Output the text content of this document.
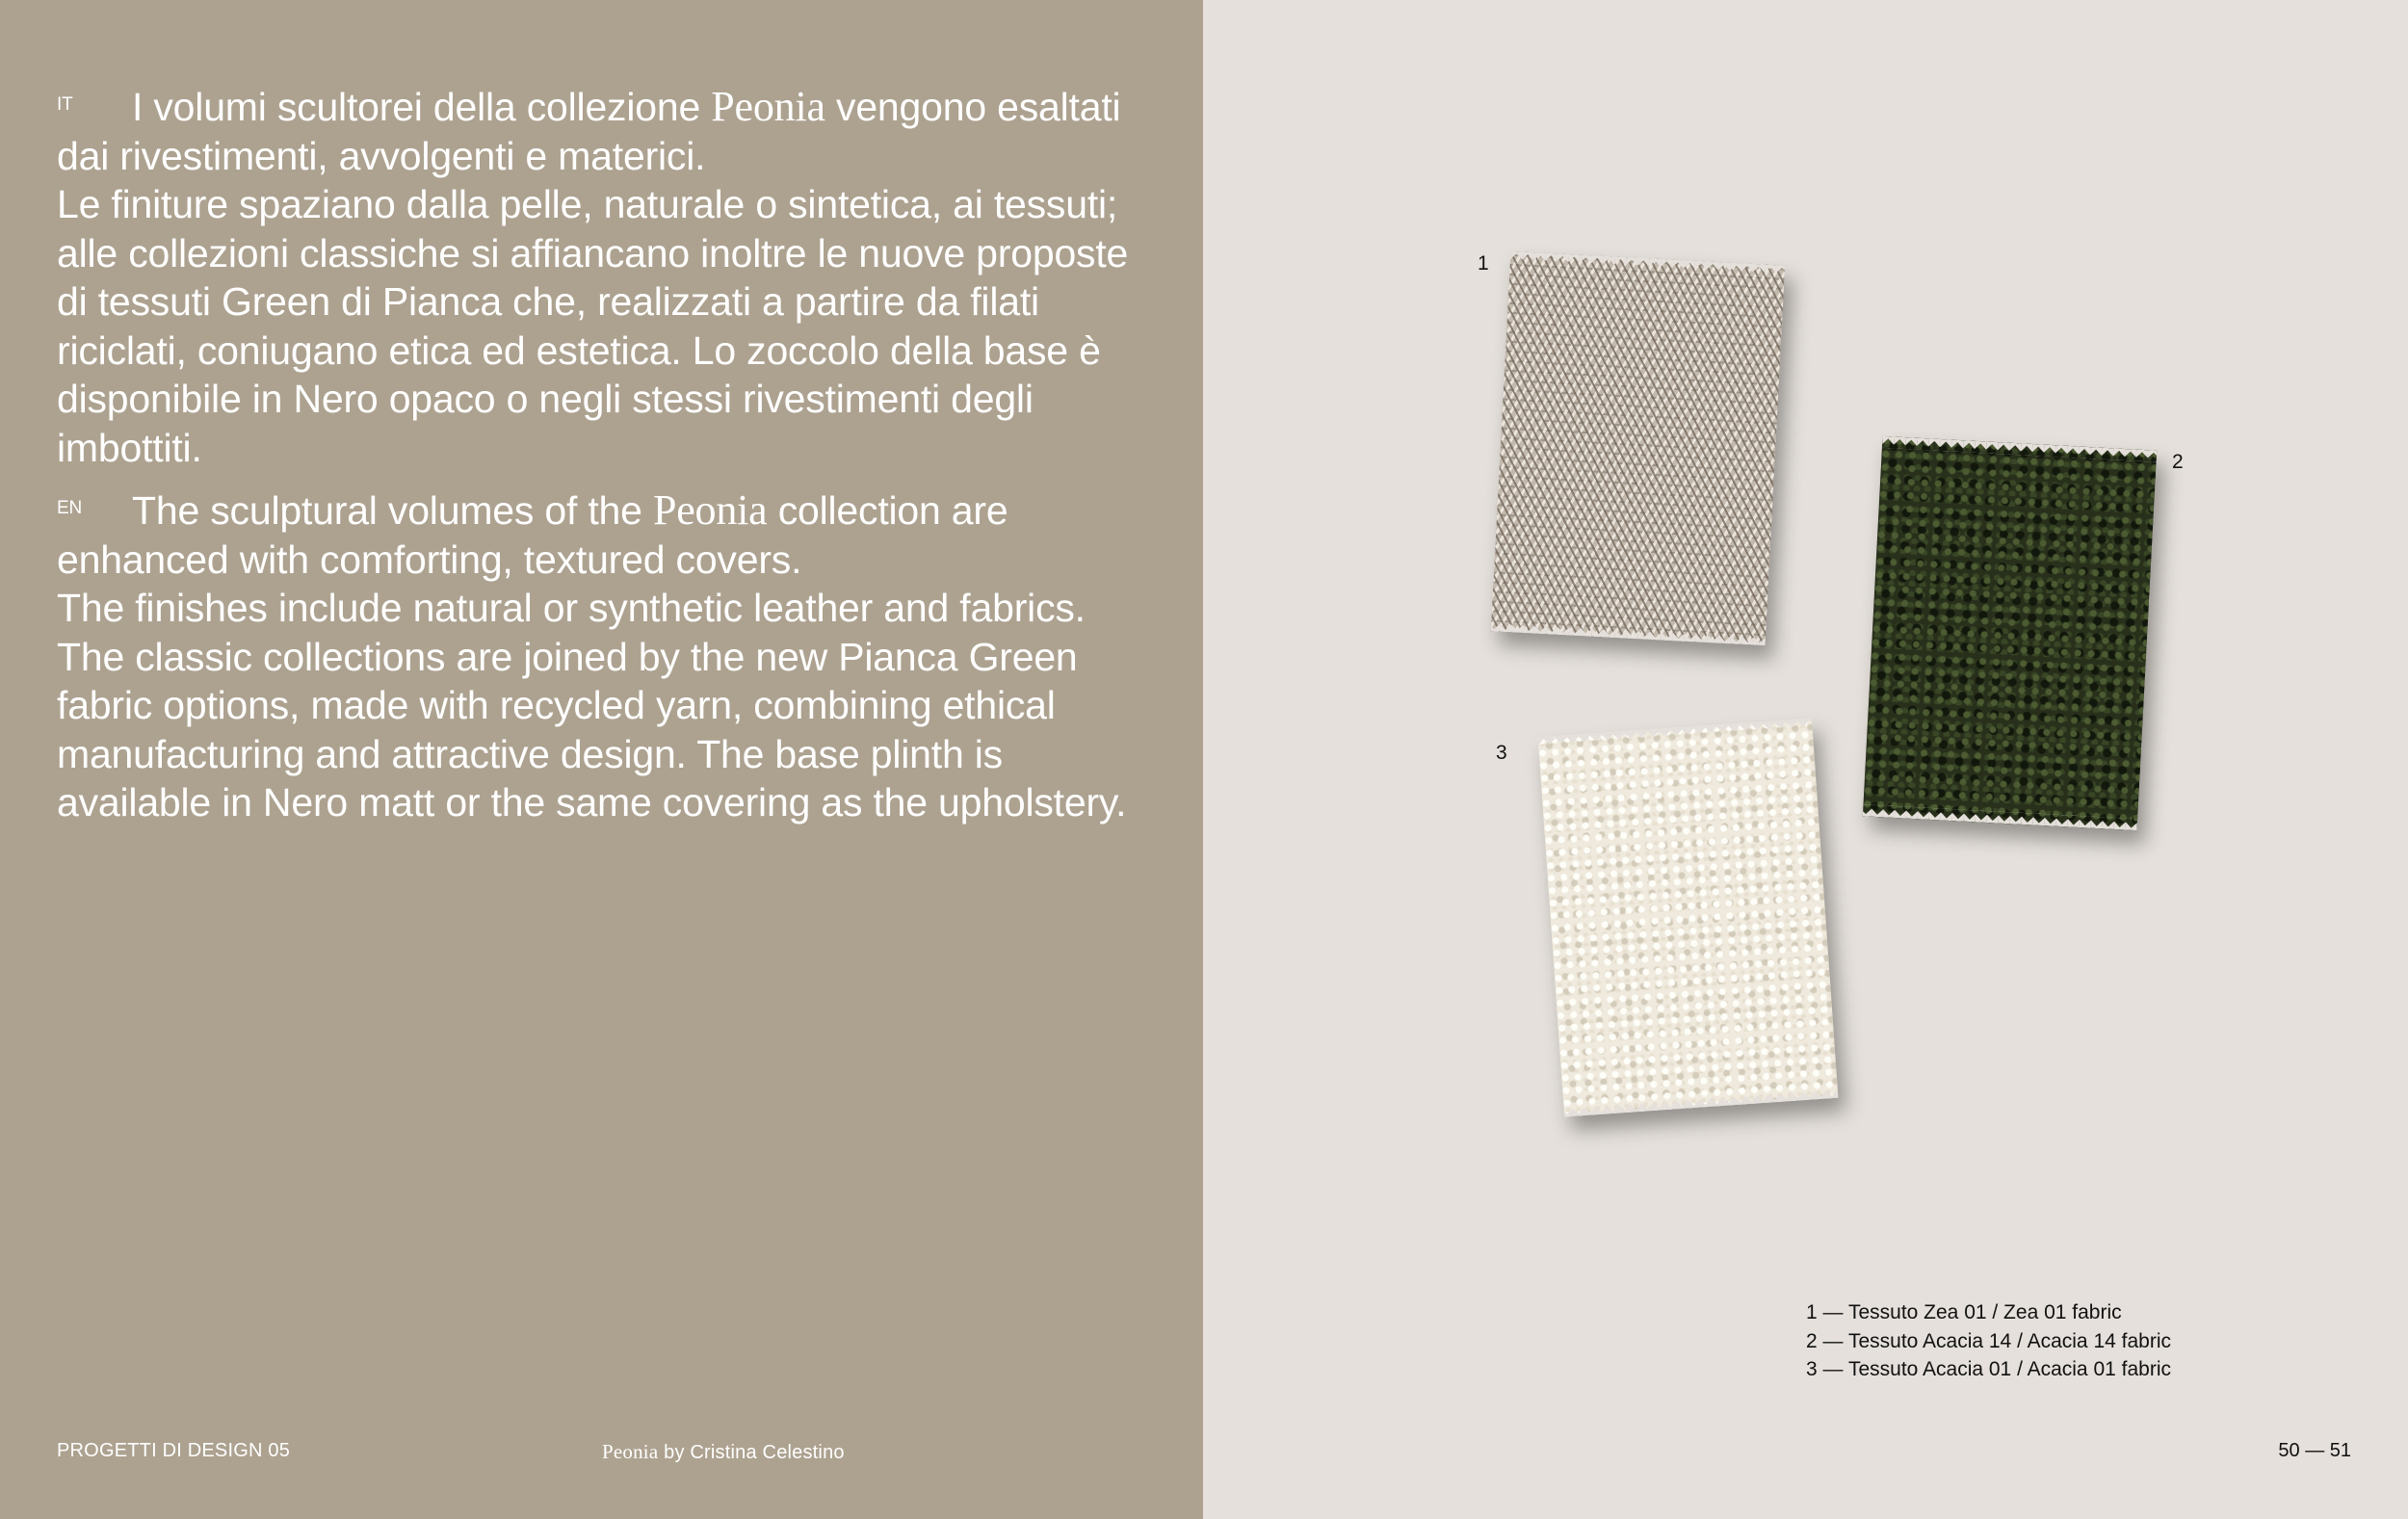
IT I volumi scultorei della collezione Peonia vengono esaltati dai rivestimenti, avvolgenti e materici.

Le finiture spaziano dalla pelle, naturale o sintetica, ai tessuti; alle collezioni classiche si affiancano inoltre le nuove proposte di tessuti Green di Pianca che, realizzati a partire da filati riciclati, coniugano etica ed estetica. Lo zoccolo della base è disponibile in Nero opaco o negli stessi rivestimenti degli imbottiti.

EN The sculptural volumes of the Peonia collection are enhanced with comforting, textured covers.

The finishes include natural or synthetic leather and fabrics. The classic collections are joined by the new Pianca Green fabric options, made with recycled yarn, combining ethical manufacturing and attractive design. The base plinth is available in Nero matt or the same covering as the upholstery.

PROGETTI DI DESIGN 05	Peonia by Cristina Celestino
1
2
3
1 — Tessuto Zea 01 / Zea 01 fabric
2 — Tessuto Acacia 14 / Acacia 14 fabric
3 — Tessuto Acacia 01 / Acacia 01 fabric
50 — 51
